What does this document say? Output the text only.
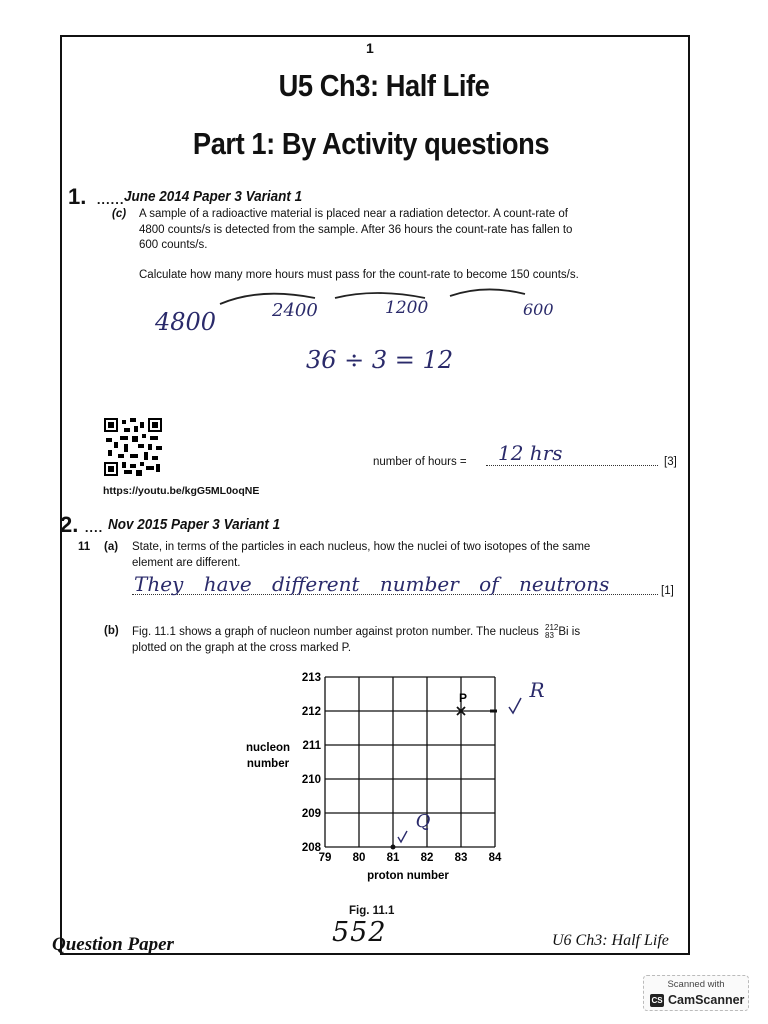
1
U5 Ch3: Half Life
Part 1: By Activity questions
1. ...... June 2014 Paper 3 Variant 1
(c) A sample of a radioactive material is placed near a radiation detector. A count-rate of
4800 counts/s is detected from the sample. After 36 hours the count-rate has fallen to
600 counts/s.
Calculate how many more hours must pass for the count-rate to become 150 counts/s.
4800	2400	1200	600
36 ÷ 3 = 12
https://youtu.be/kgG5ML0oqNE
number of hours = 12 hrs	[3]
2. .... Nov 2015 Paper 3 Variant 1
11 (a) State, in terms of the particles in each nucleus, how the nuclei of two isotopes of the same
element are different.
They have different number of neutrons	[1]
(b) Fig. 11.1 shows a graph of nucleon number against proton number. The nucleus 212
83 Bi is
plotted on the graph at the cross marked P.
79 80 81 82 83 84
208
209
210
211
212
213
P	R
Q
nucleon
number
proton number
Fig. 11.1
Question Paper	552	U6 Ch3: Half Life
Scanned with
CS CamScanner
